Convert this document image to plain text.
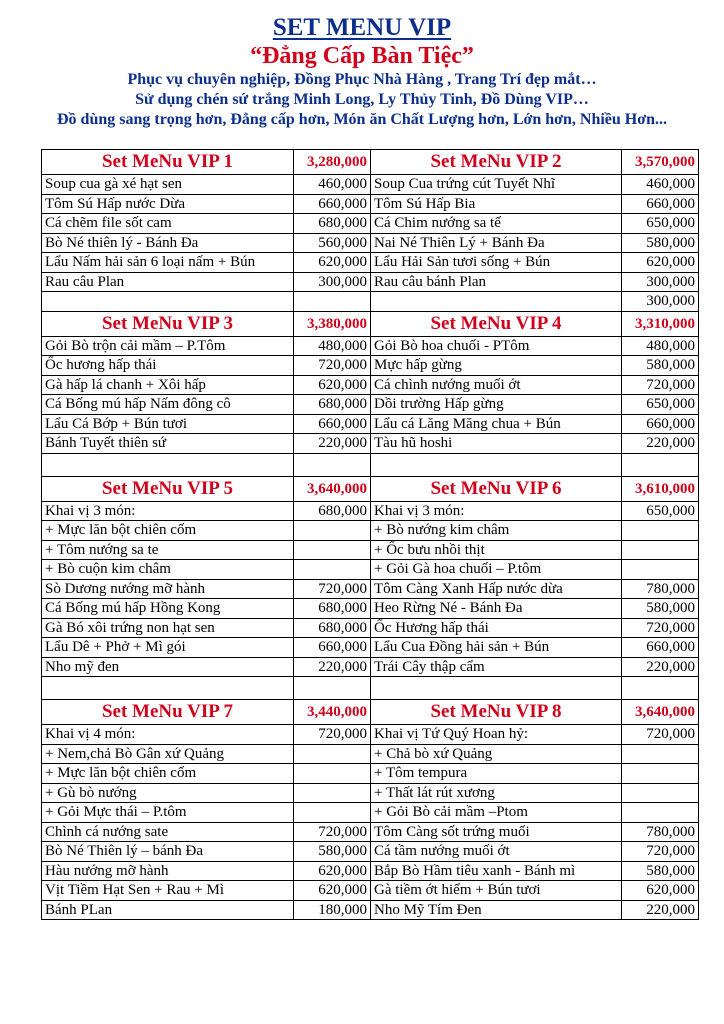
SET MENU VIP
“Đẳng Cấp Bàn Tiệc”
Phục vụ chuyên nghiệp, Đồng Phục Nhà Hàng , Trang Trí đẹp mắt…
Sử dụng chén sứ trắng Minh Long, Ly Thủy Tinh, Đồ Dùng VIP…
Đồ dùng sang trọng hơn, Đẳng cấp hơn, Món ăn Chất Lượng hơn, Lớn hơn, Nhiều Hơn...
Set MeNu VIP 1	3,280,000	Set MeNu VIP 2	3,570,000
Soup cua gà xé hạt sen	460,000	Soup Cua trứng cút Tuyết Nhĩ	460,000
Tôm Sú Hấp nước Dừa	660,000	Tôm Sú Hấp Bia	660,000
Cá chẽm file sốt cam	680,000	Cá Chim nướng sa tế	650,000
Bò Né thiên lý - Bánh Đa	560,000	Nai Né Thiên Lý + Bánh Đa	580,000
Lẩu Nấm hải sản 6 loại nấm + Bún	620,000	Lẩu Hải Sản tươi sống + Bún	620,000
Rau câu Plan	300,000	Rau câu bánh Plan	300,000
			300,000
Set MeNu VIP 3	3,380,000	Set MeNu VIP 4	3,310,000
Gỏi Bò trộn cải mầm – P.Tôm	480,000	Gỏi Bò hoa chuối - PTôm	480,000
Ốc hương hấp thái	720,000	Mực hấp gừng	580,000
Gà hấp lá chanh + Xôi hấp	620,000	Cá chình nướng muối ớt	720,000
Cá Bống mú hấp Nấm đông cô	680,000	Dồi trường Hấp gừng	650,000
Lẩu Cá Bớp + Bún tươi	660,000	Lẩu cá Lăng Măng chua + Bún	660,000
Bánh Tuyết thiên sứ	220,000	Tàu hũ hoshi	220,000

Set MeNu VIP 5	3,640,000	Set MeNu VIP 6	3,610,000
Khai vị 3 món:	680,000	Khai vị 3 món:	650,000
+ Mực lăn bột chiên cốm		+ Bò nướng kim châm	
+ Tôm nướng sa te		+ Ốc bưu nhồi thịt	
+ Bò cuộn kim châm		+ Gỏi Gà hoa chuối – P.tôm	
Sò Dương nướng mỡ hành	720,000	Tôm Càng Xanh Hấp nước dừa	780,000
Cá Bống mú hấp Hồng Kong	680,000	Heo Rừng Né - Bánh Đa	580,000
Gà Bó xôi trứng non hạt sen	680,000	Ốc Hương hấp thái	720,000
Lẩu Dê + Phở + Mì gói	660,000	Lẩu Cua Đồng hải sản + Bún	660,000
Nho mỹ đen	220,000	Trái Cây thập cẩm	220,000

Set MeNu VIP 7	3,440,000	Set MeNu VIP 8	3,640,000
Khai vị 4 món:	720,000	Khai vị Tứ Quý Hoan hỷ:	720,000
+ Nem,chả Bò Gân xứ Quảng		+ Chả bò xứ Quảng	
+ Mực lăn bột chiên cốm		+ Tôm tempura	
+ Gù bò nướng		+ Thất lát rút xương	
+ Gỏi Mực thái – P.tôm		+ Gỏi Bò cải mầm –Ptom	
Chình cá nướng sate	720,000	Tôm Càng sốt trứng muối	780,000
Bò Né Thiên lý – bánh Đa	580,000	Cá tầm nướng muối ớt	720,000
Hàu nướng mỡ hành	620,000	Bắp Bò Hầm tiêu xanh - Bánh mì	580,000
Vịt Tiềm Hạt Sen + Rau + Mì	620,000	Gà tiềm ớt hiểm + Bún tươi	620,000
Bánh PLan	180,000	Nho Mỹ Tím Đen	220,000
